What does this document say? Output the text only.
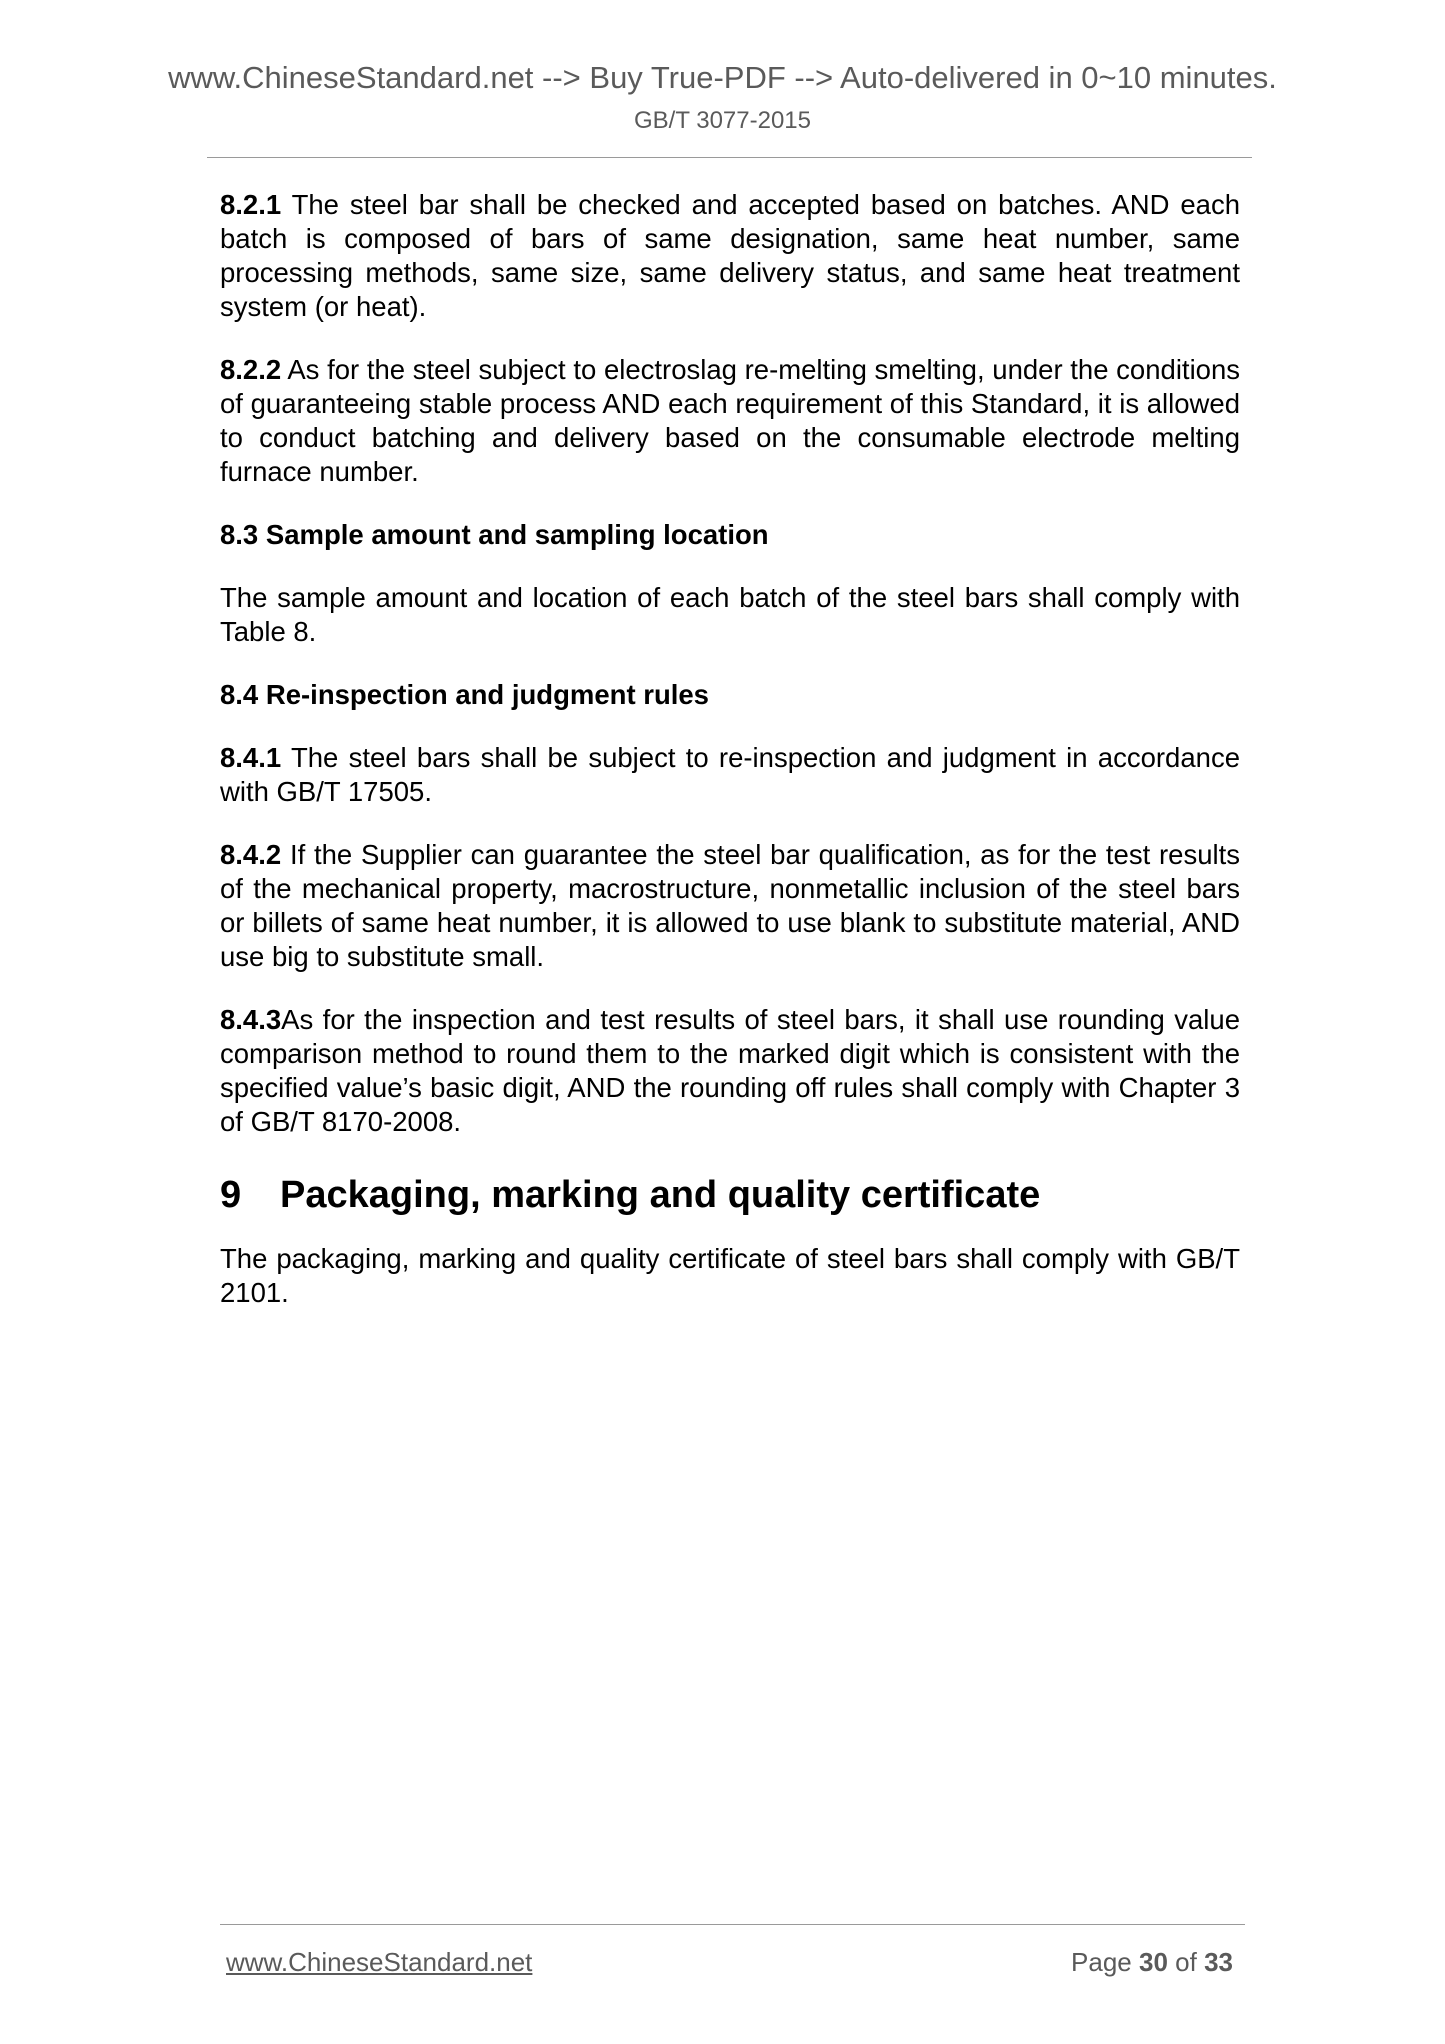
www.ChineseStandard.net --> Buy True-PDF --> Auto-delivered in 0~10 minutes.
GB/T 3077-2015

8.2.1 The steel bar shall be checked and accepted based on batches. AND each batch is composed of bars of same designation, same heat number, same processing methods, same size, same delivery status, and same heat treatment system (or heat).

8.2.2 As for the steel subject to electroslag re-melting smelting, under the conditions of guaranteeing stable process AND each requirement of this Standard, it is allowed to conduct batching and delivery based on the consumable electrode melting furnace number.

8.3 Sample amount and sampling location

The sample amount and location of each batch of the steel bars shall comply with Table 8.

8.4 Re-inspection and judgment rules

8.4.1 The steel bars shall be subject to re-inspection and judgment in accordance with GB/T 17505.

8.4.2 If the Supplier can guarantee the steel bar qualification, as for the test results of the mechanical property, macrostructure, nonmetallic inclusion of the steel bars or billets of same heat number, it is allowed to use blank to substitute material, AND use big to substitute small.

8.4.3As for the inspection and test results of steel bars, it shall use rounding value comparison method to round them to the marked digit which is consistent with the specified value’s basic digit, AND the rounding off rules shall comply with Chapter 3 of GB/T 8170-2008.

9 Packaging, marking and quality certificate

The packaging, marking and quality certificate of steel bars shall comply with GB/T 2101.

www.ChineseStandard.net	Page 30 of 33
